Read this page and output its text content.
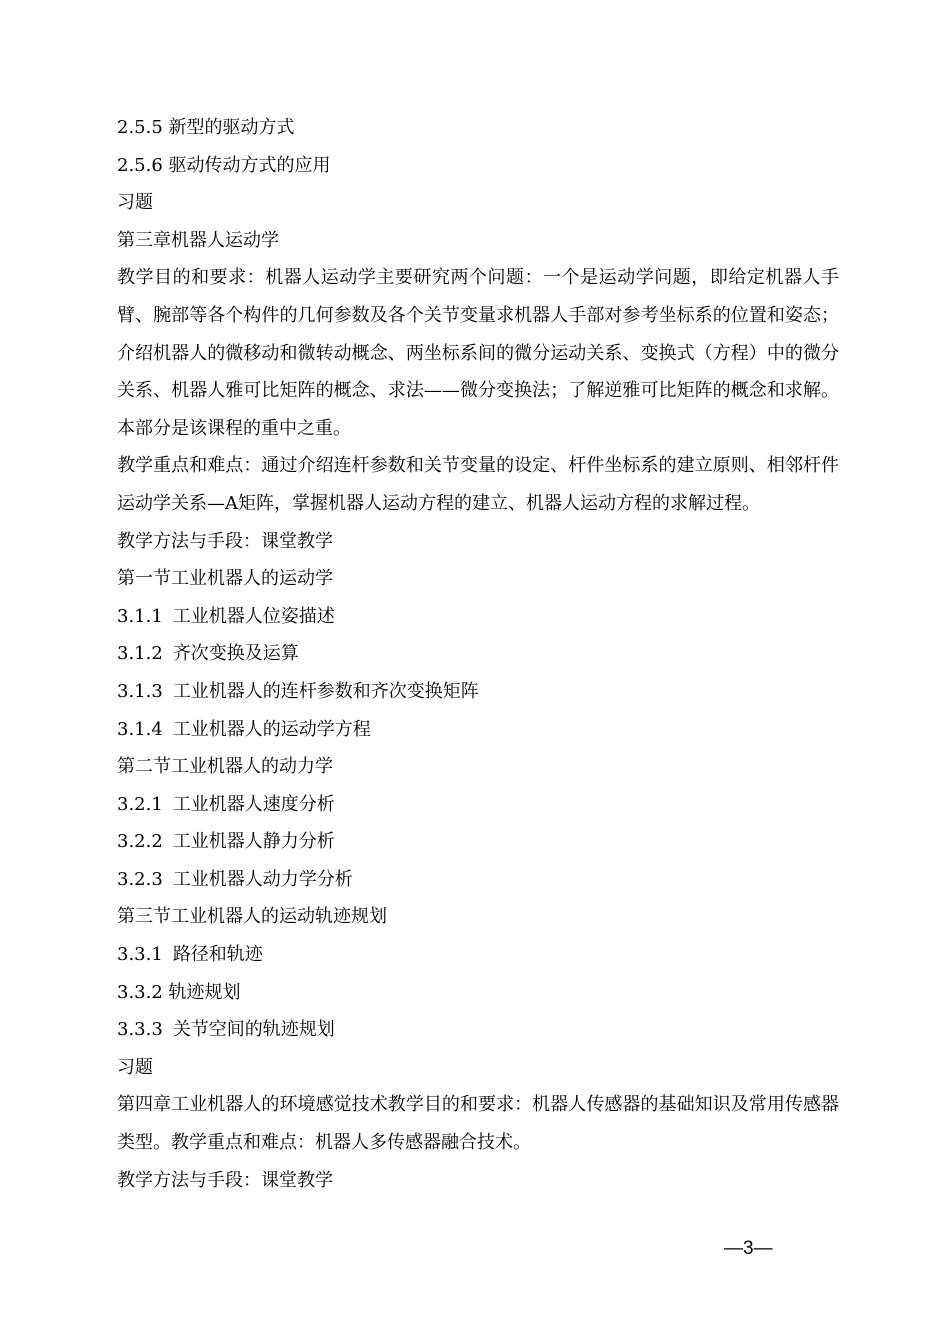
2.5.5 新型的驱动方式

2.5.6 驱动传动方式的应用

习题

第三章机器人运动学

教学目的和要求：机器人运动学主要研究两个问题：一个是运动学问题，即给定机器人手臂、腕部等各个构件的几何参数及各个关节变量求机器人手部对参考坐标系的位置和姿态；介绍机器人的微移动和微转动概念、两坐标系间的微分运动关系、变换式（方程）中的微分关系、机器人雅可比矩阵的概念、求法——微分变换法；了解逆雅可比矩阵的概念和求解。本部分是该课程的重中之重。

教学重点和难点：通过介绍连杆参数和关节变量的设定、杆件坐标系的建立原则、相邻杆件运动学关系—A矩阵，掌握机器人运动方程的建立、机器人运动方程的求解过程。

教学方法与手段：课堂教学

第一节工业机器人的运动学

3.1.1 工业机器人位姿描述

3.1.2 齐次变换及运算

3.1.3 工业机器人的连杆参数和齐次变换矩阵

3.1.4 工业机器人的运动学方程

第二节工业机器人的动力学

3.2.1 工业机器人速度分析

3.2.2 工业机器人静力分析

3.2.3 工业机器人动力学分析

第三节工业机器人的运动轨迹规划

3.3.1 路径和轨迹

3.3.2 轨迹规划

3.3.3 关节空间的轨迹规划

习题

第四章工业机器人的环境感觉技术教学目的和要求：机器人传感器的基础知识及常用传感器类型。教学重点和难点：机器人多传感器融合技术。

教学方法与手段：课堂教学

—3—
